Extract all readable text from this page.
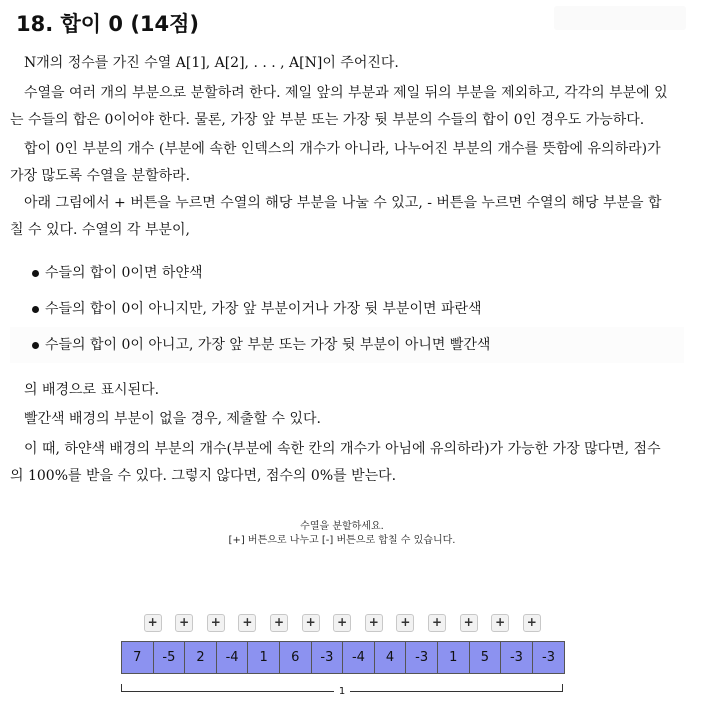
18. 합이 0 (14점)

N개의 정수를 가진 수열 A[1], A[2], . . . , A[N]이 주어진다.

수열을 여러 개의 부분으로 분할하려 한다. 제일 앞의 부분과 제일 뒤의 부분을 제외하고, 각각의 부분에 있는 수들의 합은 0이어야 한다. 물론, 가장 앞 부분 또는 가장 뒷 부분의 수들의 합이 0인 경우도 가능하다.

합이 0인 부분의 개수 (부분에 속한 인덱스의 개수가 아니라, 나누어진 부분의 개수를 뜻함에 유의하라)가 가장 많도록 수열을 분할하라.

아래 그림에서 + 버튼을 누르면 수열의 해당 부분을 나눌 수 있고, - 버튼을 누르면 수열의 해당 부분을 합칠 수 있다. 수열의 각 부분이,

수들의 합이 0이면 하얀색
수들의 합이 0이 아니지만, 가장 앞 부분이거나 가장 뒷 부분이면 파란색
수들의 합이 0이 아니고, 가장 앞 부분 또는 가장 뒷 부분이 아니면 빨간색

의 배경으로 표시된다.

빨간색 배경의 부분이 없을 경우, 제출할 수 있다.

이 때, 하얀색 배경의 부분의 개수(부분에 속한 칸의 개수가 아님에 유의하라)가 가능한 가장 많다면, 점수의 100%를 받을 수 있다. 그렇지 않다면, 점수의 0%를 받는다.

수열을 분할하세요.

[+] 버튼으로 나누고 [-] 버튼으로 합칠 수 있습니다.

+	+	+	+	+	+	+	+	+	+	+	+	+
7	-5	2	-4	1	6	-3	-4	4	-3	1	5	-3	-3
1
